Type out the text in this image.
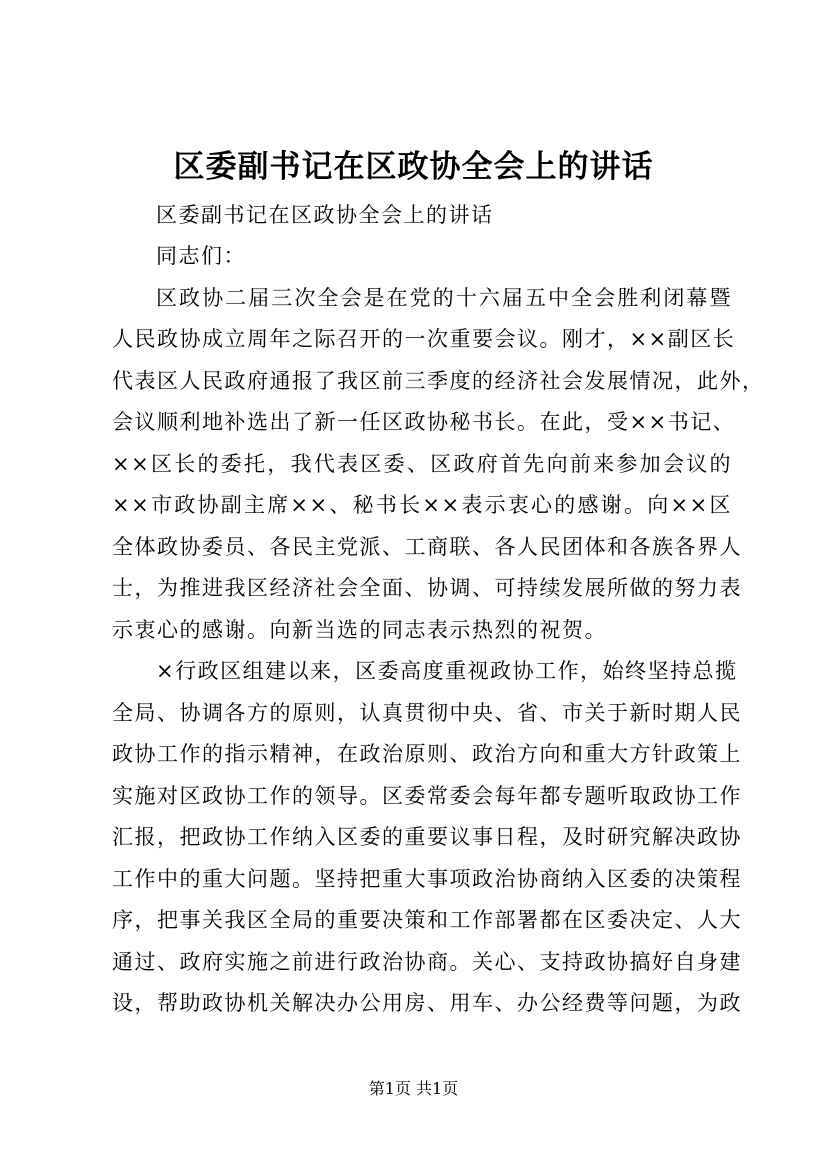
区委副书记在区政协全会上的讲话
区委副书记在区政协全会上的讲话
同志们：
区政协二届三次全会是在党的十六届五中全会胜利闭幕暨
人民政协成立周年之际召开的一次重要会议。刚才，××副区长
代表区人民政府通报了我区前三季度的经济社会发展情况，此外，
会议顺利地补选出了新一任区政协秘书长。在此，受××书记、
××区长的委托，我代表区委、区政府首先向前来参加会议的
××市政协副主席××、秘书长××表示衷心的感谢。向××区
全体政协委员、各民主党派、工商联、各人民团体和各族各界人
士，为推进我区经济社会全面、协调、可持续发展所做的努力表
示衷心的感谢。向新当选的同志表示热烈的祝贺。
×行政区组建以来，区委高度重视政协工作，始终坚持总揽
全局、协调各方的原则，认真贯彻中央、省、市关于新时期人民
政协工作的指示精神，在政治原则、政治方向和重大方针政策上
实施对区政协工作的领导。区委常委会每年都专题听取政协工作
汇报，把政协工作纳入区委的重要议事日程，及时研究解决政协
工作中的重大问题。坚持把重大事项政治协商纳入区委的决策程
序，把事关我区全局的重要决策和工作部署都在区委决定、人大
通过、政府实施之前进行政治协商。关心、支持政协搞好自身建
设，帮助政协机关解决办公用房、用车、办公经费等问题，为政
第1页 共1页
